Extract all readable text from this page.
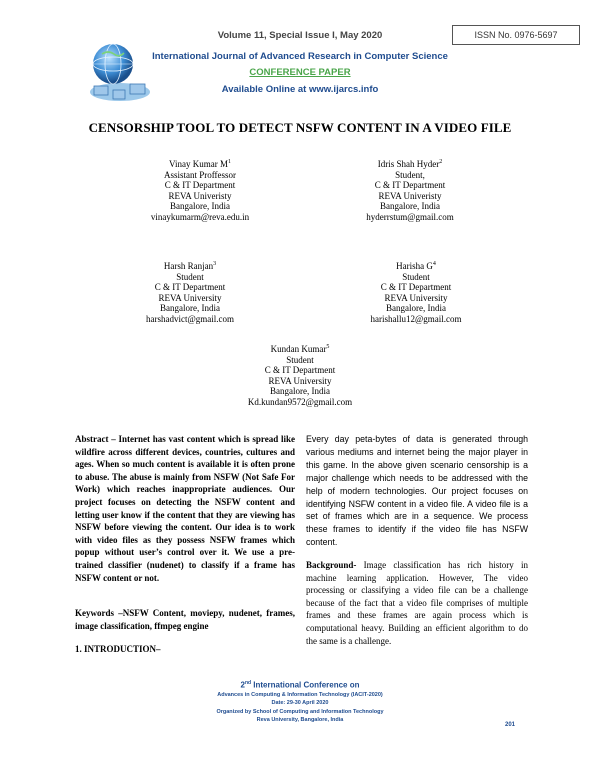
ISSN No. 0976-5697
Volume 11, Special Issue I, May 2020
International Journal of Advanced Research in Computer Science
CONFERENCE PAPER
Available Online at www.ijarcs.info
CENSORSHIP TOOL TO DETECT NSFW CONTENT IN A VIDEO FILE
Vinay Kumar $M^1$
Assistant Proffessor
C & IT Department
REVA Univeristy
Bangalore, India
vinaykumarm@reva.edu.in
Idris Shah Hyder$^2$
Student,
C & IT Department
REVA Univeristy
Bangalore, India
hyderrstum@gmail.com
Harsh Ranjan$^3$
Student
C & IT Department
REVA University
Bangalore, India
harshadvict@gmail.com
Harisha $G^4$
Student
C & IT Department
REVA University
Bangalore, India
harishallu12@gmail.com
Kundan Kumar$^5$
Student
C & IT Department
REVA University
Bangalore, India
Kd.kundan9572@gmail.com
Abstract – Internet has vast content which is spread like wildfire across different devices, countries, cultures and ages. When so much content is available it is often prone to abuse. The abuse is mainly from NSFW (Not Safe For Work) which reaches inappropriate audiences. Our project focuses on detecting the NSFW content and letting user know if the content that they are viewing has NSFW before viewing the content. Our idea is to work with video files as they possess NSFW frames which popup without user’s control over it. We use a pre-trained classifier (nudenet) to classify if a frame has NSFW content or not.
Keywords –NSFW Content, moviepy, nudenet, frames, image classification, ffmpeg engine
1. INTRODUCTION–
Every day peta-bytes of data is generated through various mediums and internet being the major player in this game. In the above given scenario censorship is a major challenge which needs to be addressed with the help of modern technologies. Our project focuses on identifying NSFW content in a video file. A video file is a set of frames which are in a sequence. We process these frames to identify if the video file has NSFW content.
Background- Image classification has rich history in machine learning application. However, The video processing or classifying a video file can be a challenge because of the fact that a video file comprises of multiple frames and these frames are again process which is computational heavy. Building an efficient algorithm to do the same is a challenge.
2nd International Conference on
Advances in Computing & Information Technology (IACIT-2020)
Date: 29-30 April 2020
Organized by School of Computing and Information Technology
Reva University, Bangalore, India
201
